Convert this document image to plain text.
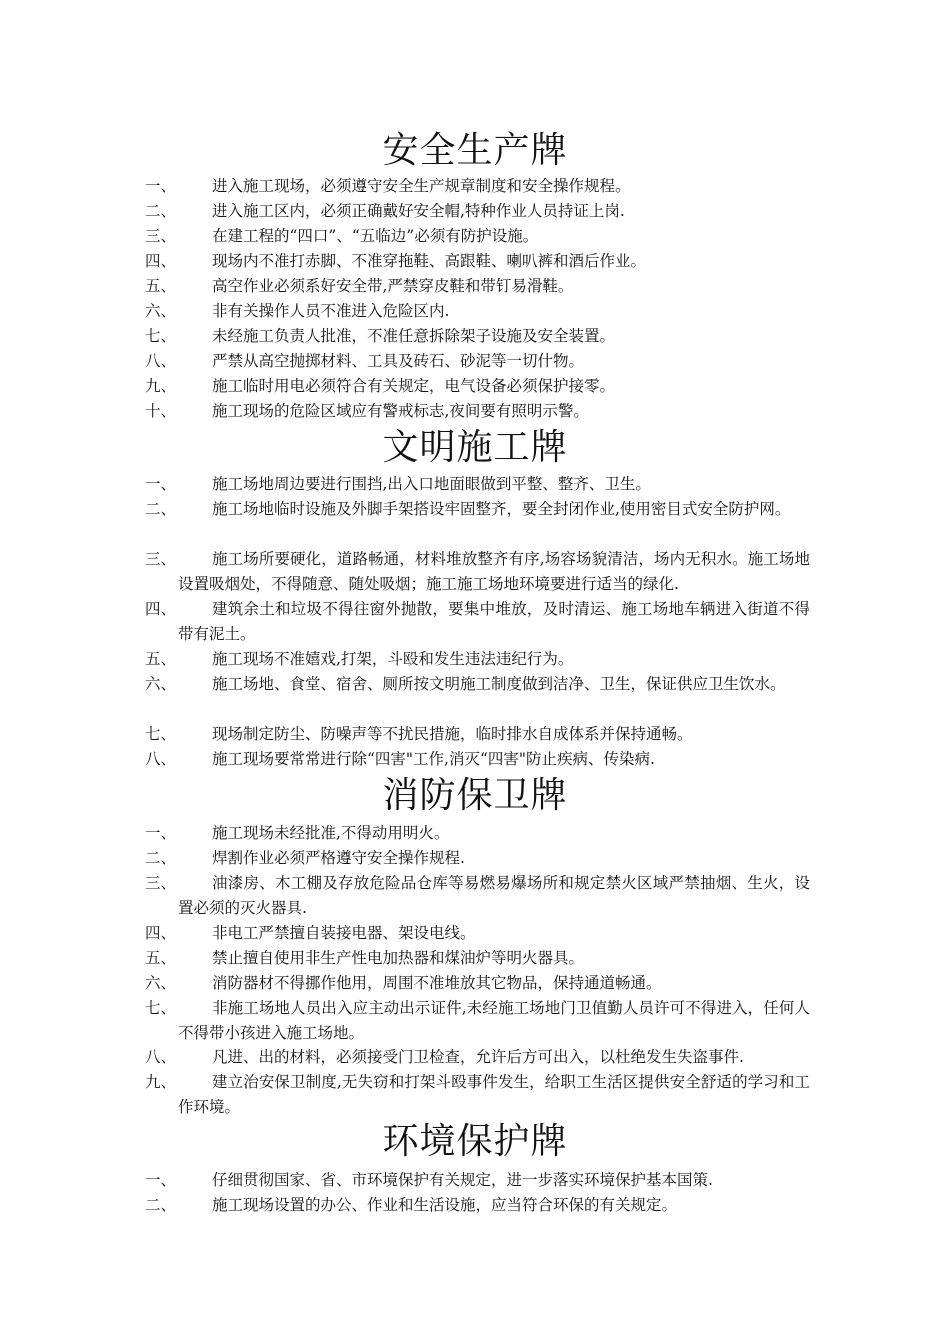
安全生产牌
一、	进入施工现场，必须遵守安全生产规章制度和安全操作规程。
二、	进入施工区内，必须正确戴好安全帽,特种作业人员持证上岗.
三、	在建工程的“四口”、“五临边”必须有防护设施。
四、	现场内不准打赤脚、不准穿拖鞋、高跟鞋、喇叭裤和酒后作业。
五、	高空作业必须系好安全带,严禁穿皮鞋和带钉易滑鞋。
六、	非有关操作人员不准进入危险区内.
七、	未经施工负责人批准，不准任意拆除架子设施及安全装置。
八、	严禁从高空抛掷材料、工具及砖石、砂泥等一切什物。
九、	施工临时用电必须符合有关规定，电气设备必须保护接零。
十、	施工现场的危险区域应有警戒标志,夜间要有照明示警。
文明施工牌
一、	施工场地周边要进行围挡,出入口地面眼做到平整、整齐、卫生。
二、	施工场地临时设施及外脚手架搭设牢固整齐，要全封闭作业,使用密目式安全防护网。
三、	施工场所要硬化，道路畅通，材料堆放整齐有序,场容场貌清洁，场内无积水。施工场地设置吸烟处，不得随意、随处吸烟；施工施工场地环境要进行适当的绿化.
四、	建筑余土和垃圾不得往窗外抛散，要集中堆放，及时清运、施工场地车辆进入街道不得带有泥土。
五、	施工现场不准嬉戏,打架，斗殴和发生违法违纪行为。
六、	施工场地、食堂、宿舍、厕所按文明施工制度做到洁净、卫生，保证供应卫生饮水。
七、	现场制定防尘、防噪声等不扰民措施，临时排水自成体系并保持通畅。
八、	施工现场要常常进行除“四害"工作,消灭“四害"防止疾病、传染病.
消防保卫牌
一、	施工现场未经批准,不得动用明火。
二、	焊割作业必须严格遵守安全操作规程.
三、	油漆房、木工棚及存放危险品仓库等易燃易爆场所和规定禁火区域严禁抽烟、生火，设置必须的灭火器具.
四、	非电工严禁擅自装接电器、架设电线。
五、	禁止擅自使用非生产性电加热器和煤油炉等明火器具。
六、	消防器材不得挪作他用，周围不准堆放其它物品，保持通道畅通。
七、	非施工场地人员出入应主动出示证件,未经施工场地门卫值勤人员许可不得进入，任何人不得带小孩进入施工场地。
八、	凡进、出的材料，必须接受门卫检查，允许后方可出入，以杜绝发生失盗事件.
九、	建立治安保卫制度,无失窃和打架斗殴事件发生，给职工生活区提供安全舒适的学习和工作环境。
环境保护牌
一、	仔细贯彻国家、省、市环境保护有关规定，进一步落实环境保护基本国策.
二、	施工现场设置的办公、作业和生活设施，应当符合环保的有关规定。
